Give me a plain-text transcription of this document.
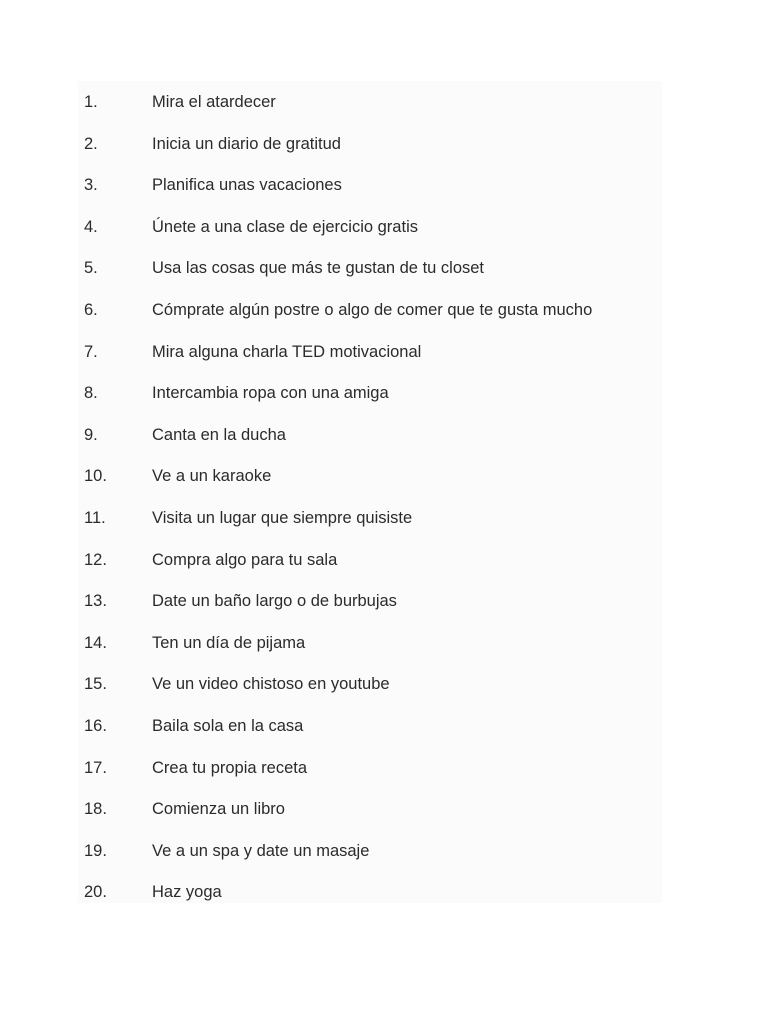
1.	Mira el atardecer
2.	Inicia un diario de gratitud
3.	Planifica unas vacaciones
4.	Únete a una clase de ejercicio gratis
5.	Usa las cosas que más te gustan de tu closet
6.	Cómprate algún postre o algo de comer que te gusta mucho
7.	Mira alguna charla TED motivacional
8.	Intercambia ropa con una amiga
9.	Canta en la ducha
10.	Ve a un karaoke
11.	Visita un lugar que siempre quisiste
12.	Compra algo para tu sala
13.	Date un baño largo o de burbujas
14.	Ten un día de pijama
15.	Ve un video chistoso en youtube
16.	Baila sola en la casa
17.	Crea tu propia receta
18.	Comienza un libro
19.	Ve a un spa y date un masaje
20.	Haz yoga
